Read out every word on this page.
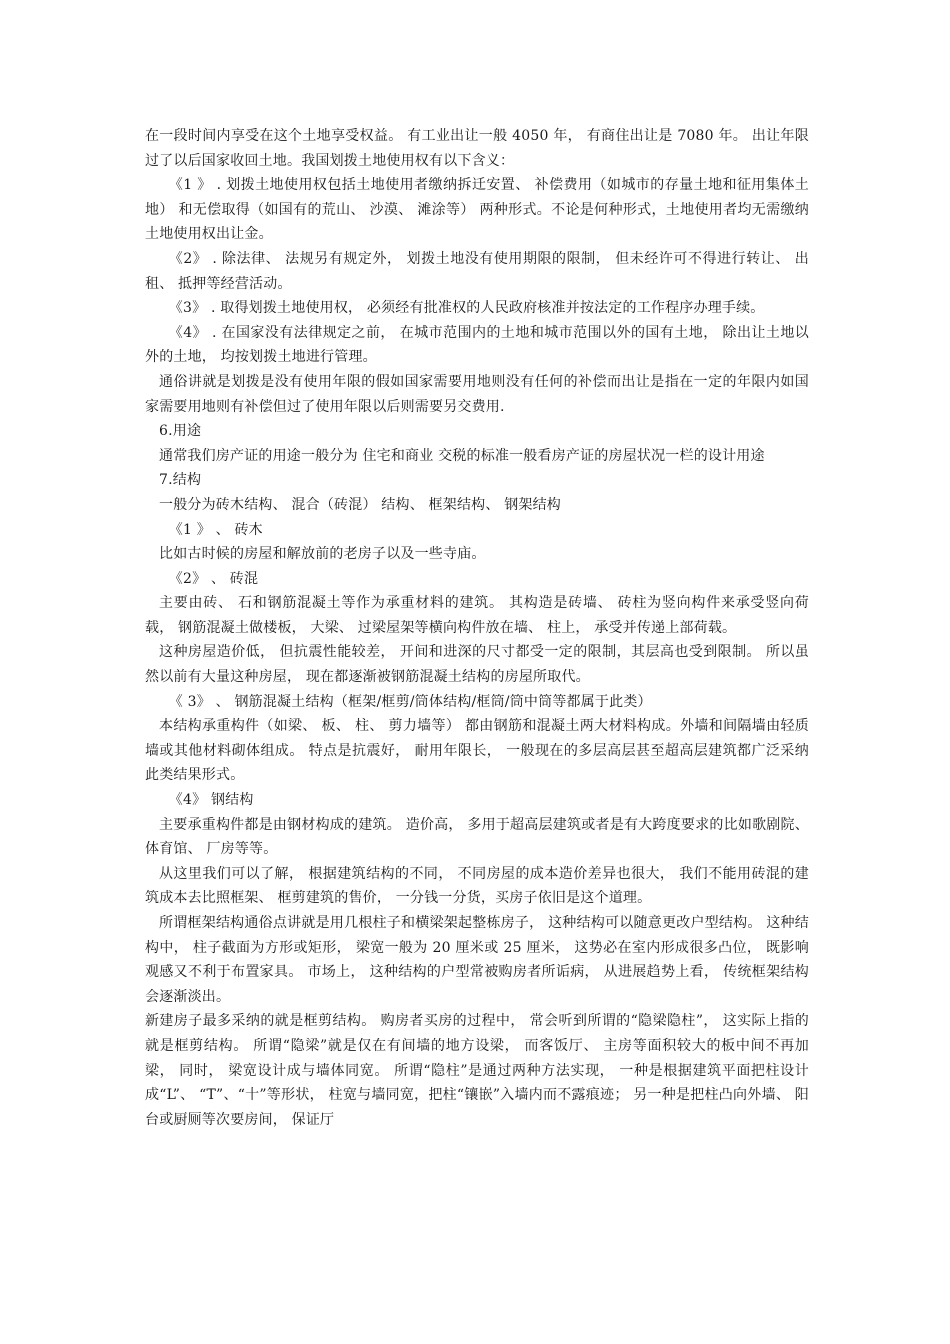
在一段时间内享受在这个土地享受权益。 有工业出让一般 4050 年， 有商住出让是 7080 年。 出让年限过了以后国家收回土地。我国划拨土地使用权有以下含义：

《1 》 . 划拨土地使用权包括土地使用者缴纳拆迁安置、 补偿费用（如城市的存量土地和征用集体土地） 和无偿取得（如国有的荒山、 沙漠、 滩涂等） 两种形式。不论是何种形式，土地使用者均无需缴纳土地使用权出让金。

《2》 . 除法律、 法规另有规定外， 划拨土地没有使用期限的限制， 但未经许可不得进行转让、 出租、 抵押等经营活动。

《3》 . 取得划拨土地使用权， 必须经有批准权的人民政府核准并按法定的工作程序办理手续。

《4》 . 在国家没有法律规定之前， 在城市范围内的土地和城市范围以外的国有土地， 除出让土地以外的土地， 均按划拨土地进行管理。

通俗讲就是划拨是没有使用年限的假如国家需要用地则没有任何的补偿而出让是指在一定的年限内如国家需要用地则有补偿但过了使用年限以后则需要另交费用.

6.用途

通常我们房产证的用途一般分为 住宅和商业 交税的标准一般看房产证的房屋状况一栏的设计用途

7.结构

一般分为砖木结构、 混合（砖混） 结构、 框架结构、 钢架结构

《1 》 、 砖木

比如古时候的房屋和解放前的老房子以及一些寺庙。

《2》 、 砖混

主要由砖、 石和钢筋混凝土等作为承重材料的建筑。 其构造是砖墙、 砖柱为竖向构件来承受竖向荷载， 钢筋混凝土做楼板， 大梁、 过梁屋架等横向构件放在墙、 柱上， 承受并传递上部荷载。

这种房屋造价低， 但抗震性能较差， 开间和进深的尺寸都受一定的限制，其层高也受到限制。 所以虽然以前有大量这种房屋， 现在都逐渐被钢筋混凝土结构的房屋所取代。

《 3》 、 钢筋混凝土结构（框架/框剪/筒体结构/框筒/筒中筒等都属于此类）

本结构承重构件（如梁、 板、 柱、 剪力墙等） 都由钢筋和混凝土两大材料构成。外墙和间隔墙由轻质墙或其他材料砌体组成。 特点是抗震好， 耐用年限长， 一般现在的多层高层甚至超高层建筑都广泛采纳此类结果形式。

《4》 钢结构

主要承重构件都是由钢材构成的建筑。 造价高， 多用于超高层建筑或者是有大跨度要求的比如歌剧院、 体育馆、 厂房等等。

从这里我们可以了解， 根据建筑结构的不同， 不同房屋的成本造价差异也很大， 我们不能用砖混的建筑成本去比照框架、 框剪建筑的售价， 一分钱一分货，买房子依旧是这个道理。

所谓框架结构通俗点讲就是用几根柱子和横梁架起整栋房子， 这种结构可以随意更改户型结构。 这种结构中， 柱子截面为方形或矩形， 梁宽一般为 20 厘米或 25 厘米， 这势必在室内形成很多凸位， 既影响观感又不利于布置家具。 市场上， 这种结构的户型常被购房者所诟病， 从进展趋势上看， 传统框架结构会逐渐淡出。

新建房子最多采纳的就是框剪结构。 购房者买房的过程中， 常会听到所谓的“隐梁隐柱”， 这实际上指的就是框剪结构。 所谓“隐梁”就是仅在有间墙的地方设梁， 而客饭厅、 主房等面积较大的板中间不再加梁， 同时， 梁宽设计成与墙体同宽。 所谓“隐柱”是通过两种方法实现， 一种是根据建筑平面把柱设计成“L”、 “T”、“十”等形状， 柱宽与墙同宽，把柱“镶嵌”入墙内而不露痕迹； 另一种是把柱凸向外墙、 阳台或厨厕等次要房间， 保证厅
